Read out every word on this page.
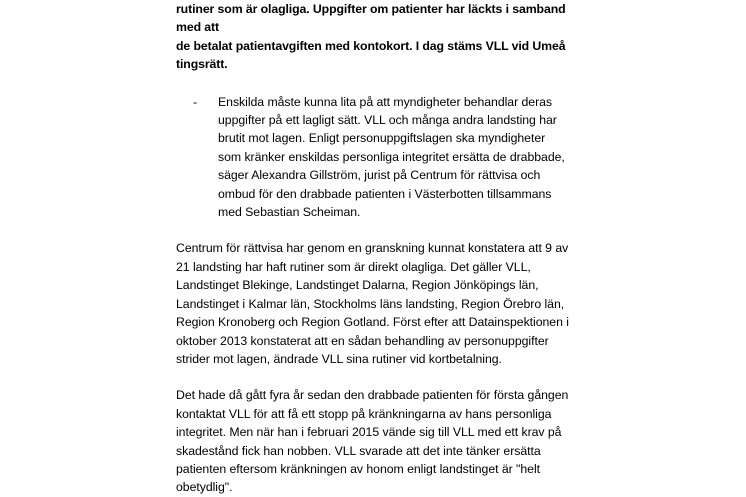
rutiner som är olagliga. Uppgifter om patienter har läckts i samband med att
de betalat patientavgiften med kontokort. I dag stäms VLL vid Umeå tingsrätt.
-	Enskilda måste kunna lita på att myndigheter behandlar deras uppgifter på ett lagligt sätt. VLL och många andra landsting har brutit mot lagen. Enligt personuppgiftslagen ska myndigheter som kränker enskildas personliga integritet ersätta de drabbade, säger Alexandra Gillström, jurist på Centrum för rättvisa och ombud för den drabbade patienten i Västerbotten tillsammans med Sebastian Scheiman.

Centrum för rättvisa har genom en granskning kunnat konstatera att 9 av 21 landsting har haft rutiner som är direkt olagliga. Det gäller VLL, Landstinget Blekinge, Landstinget Dalarna, Region Jönköpings län, Landstinget i Kalmar län, Stockholms läns landsting, Region Örebro län, Region Kronoberg och Region Gotland. Först efter att Datainspektionen i oktober 2013 konstaterat att en sådan behandling av personuppgifter strider mot lagen, ändrade VLL sina rutiner vid kortbetalning.

Det hade då gått fyra år sedan den drabbade patienten för första gången kontaktat VLL för att få ett stopp på kränkningarna av hans personliga integritet. Men när han i februari 2015 vände sig till VLL med ett krav på skadestånd fick han nobben. VLL svarade att det inte tänker ersätta patienten eftersom kränkningen av honom enligt landstinget är "helt obetydlig".
